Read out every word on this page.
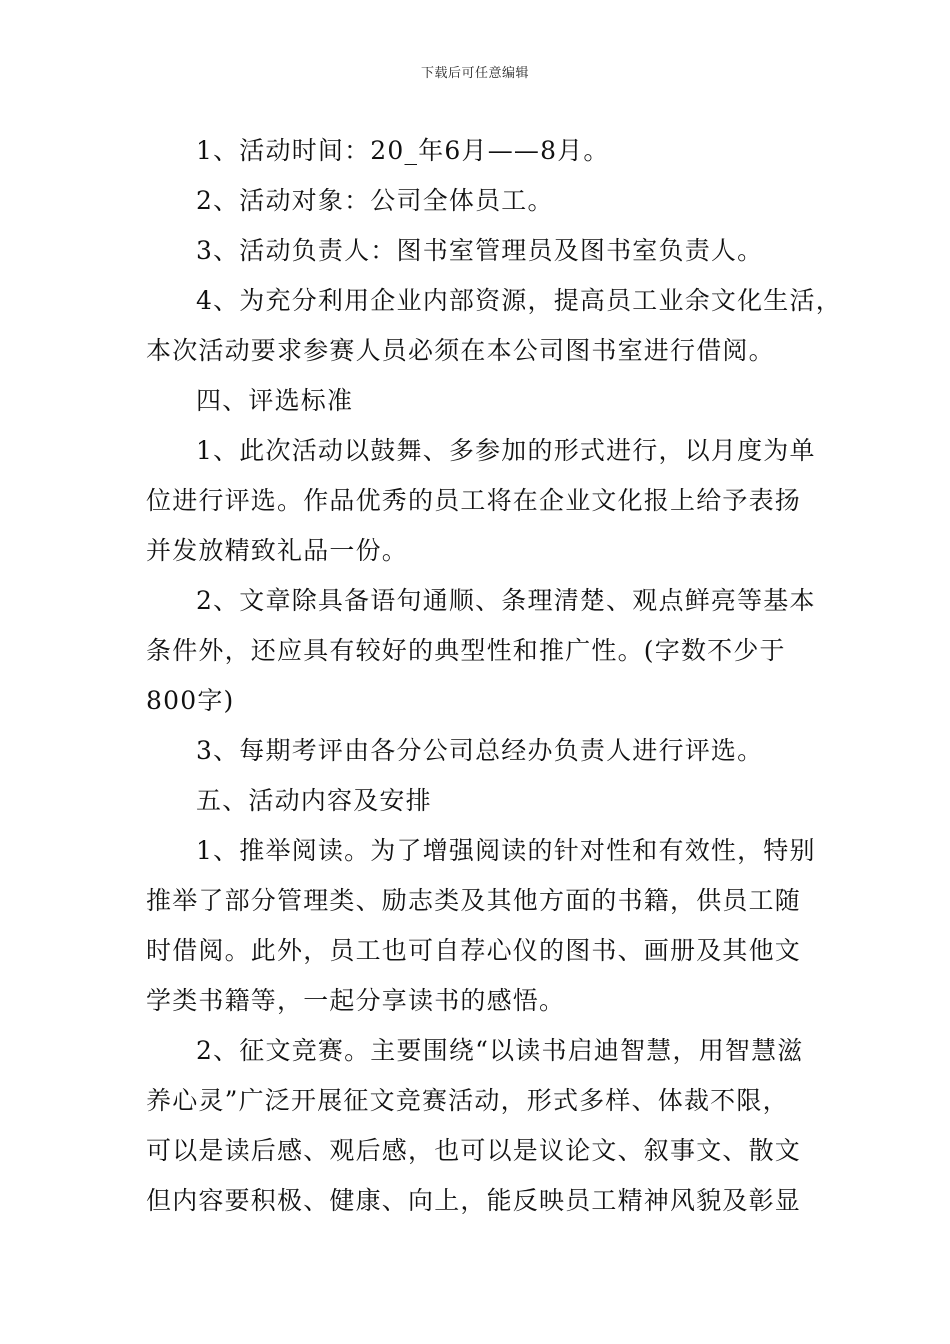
下载后可任意编辑

1、活动时间：20_年6月——8月。

2、活动对象：公司全体员工。

3、活动负责人：图书室管理员及图书室负责人。

4、为充分利用企业内部资源，提高员工业余文化生活，

本次活动要求参赛人员必须在本公司图书室进行借阅。

四、评选标准

1、此次活动以鼓舞、多参加的形式进行，以月度为单

位进行评选。作品优秀的员工将在企业文化报上给予表扬

并发放精致礼品一份。

2、文章除具备语句通顺、条理清楚、观点鲜亮等基本

条件外，还应具有较好的典型性和推广性。(字数不少于

800字)

3、每期考评由各分公司总经办负责人进行评选。

五、活动内容及安排

1、推举阅读。为了增强阅读的针对性和有效性，特别

推举了部分管理类、励志类及其他方面的书籍，供员工随

时借阅。此外，员工也可自荐心仪的图书、画册及其他文

学类书籍等，一起分享读书的感悟。

2、征文竞赛。主要围绕“以读书启迪智慧，用智慧滋

养心灵”广泛开展征文竞赛活动，形式多样、体裁不限，

可以是读后感、观后感，也可以是议论文、叙事文、散文

但内容要积极、健康、向上，能反映员工精神风貌及彰显
